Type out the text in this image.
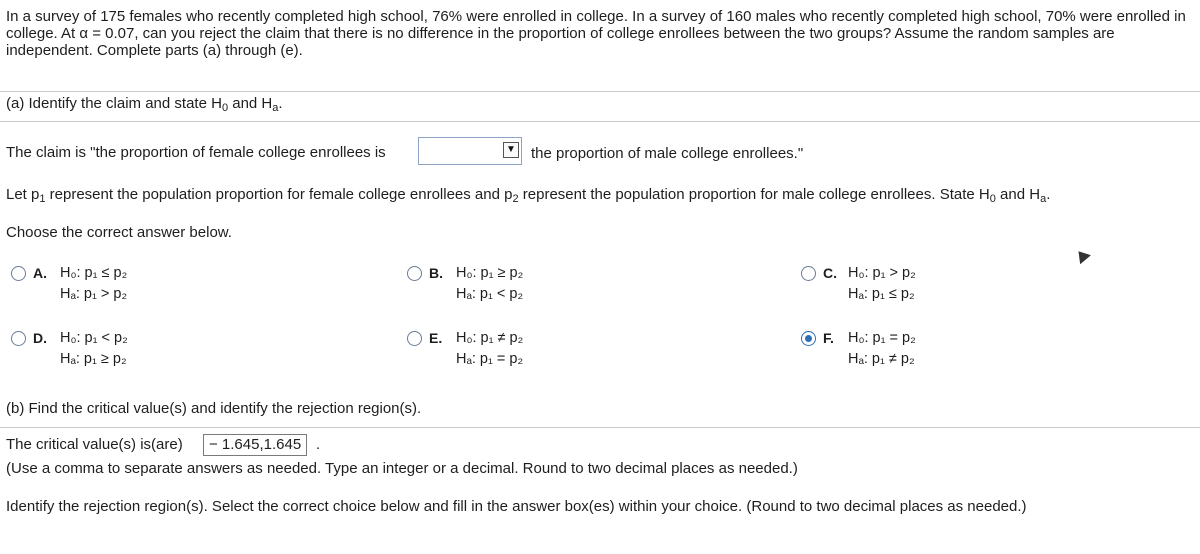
In a survey of 175 females who recently completed high school, 76% were enrolled in college. In a survey of 160 males who recently completed high school, 70% were enrolled in college. At α = 0.07, can you reject the claim that there is no difference in the proportion of college enrollees between the two groups? Assume the random samples are independent. Complete parts (a) through (e).
(a) Identify the claim and state $H_0$ and $H_a$.
The claim is "the proportion of female college enrollees is	▼ the proportion of male college enrollees."
Let $p_1$ represent the population proportion for female college enrollees and $p_2$ represent the population proportion for male college enrollees. State $H_0$ and $H_a$.
Choose the correct answer below.
A. H₀: p₁ ≤ p₂
Hₐ: p₁ > p₂
B. H₀: p₁ ≥ p₂
Hₐ: p₁ < p₂
C. H₀: p₁ > p₂
Hₐ: p₁ ≤ p₂
D. H₀: p₁ < p₂
Hₐ: p₁ ≥ p₂
E. H₀: p₁ ≠ p₂
Hₐ: p₁ = p₂
F. H₀: p₁ = p₂
Hₐ: p₁ ≠ p₂
(b) Find the critical value(s) and identify the rejection region(s).
The critical value(s) is(are)	− 1.645,1.645 .
(Use a comma to separate answers as needed. Type an integer or a decimal. Round to two decimal places as needed.)
Identify the rejection region(s). Select the correct choice below and fill in the answer box(es) within your choice. (Round to two decimal places as needed.)
